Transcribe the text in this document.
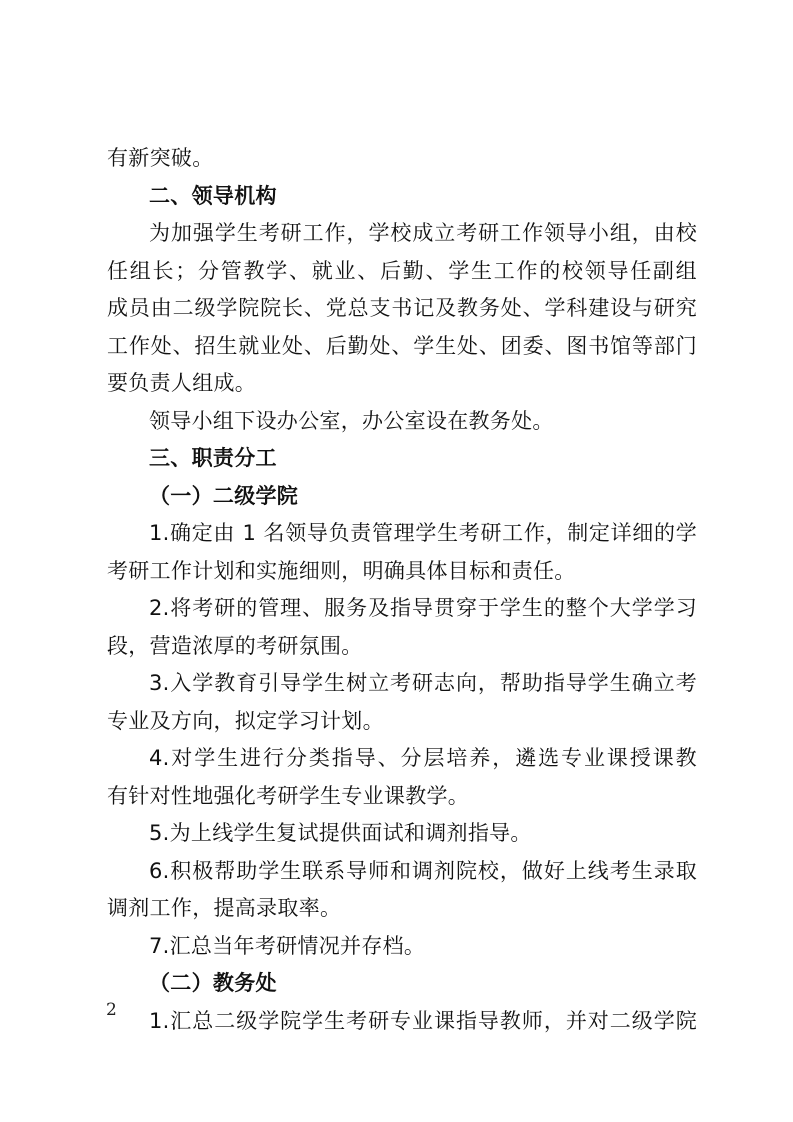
有新突破。
二、领导机构
为加强学生考研工作，学校成立考研工作领导小组，由校
任组长；分管教学、就业、后勤、学生工作的校领导任副组
成员由二级学院院长、党总支书记及教务处、学科建设与研究
工作处、招生就业处、后勤处、学生处、团委、图书馆等部门
要负责人组成。
领导小组下设办公室，办公室设在教务处。
三、职责分工
（一）二级学院
1.确定由 1 名领导负责管理学生考研工作，制定详细的学
考研工作计划和实施细则，明确具体目标和责任。
2.将考研的管理、服务及指导贯穿于学生的整个大学学习
段，营造浓厚的考研氛围。
3.入学教育引导学生树立考研志向，帮助指导学生确立考
专业及方向，拟定学习计划。
4.对学生进行分类指导、分层培养，遴选专业课授课教
有针对性地强化考研学生专业课教学。
5.为上线学生复试提供面试和调剂指导。
6.积极帮助学生联系导师和调剂院校，做好上线考生录取
调剂工作，提高录取率。
7.汇总当年考研情况并存档。
（二）教务处
1.汇总二级学院学生考研专业课指导教师，并对二级学院
2
